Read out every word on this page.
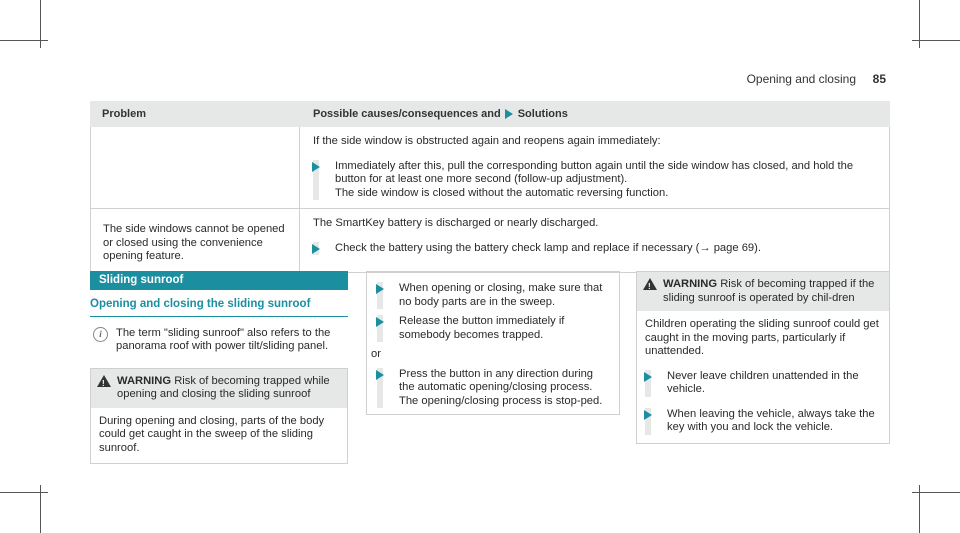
Opening and closing 85
Problem	Possible causes/consequences and Solutions
If the side window is obstructed again and reopens again immediately:
Immediately after this, pull the corresponding button again until the side window has closed, and hold the button for at least one more second (follow-up adjustment).
The side window is closed without the automatic reversing function.
The side windows cannot be opened or closed using the convenience opening feature.
The SmartKey battery is discharged or nearly discharged.
Check the battery using the battery check lamp and replace if necessary (→ page 69).
Sliding sunroof
Opening and closing the sliding sunroof
i	The term "sliding sunroof" also refers to the panorama roof with power tilt/sliding panel.
!
WARNING Risk of becoming trapped while opening and closing the sliding sunroof
During opening and closing, parts of the body could get caught in the sweep of the sliding sunroof.
When opening or closing, make sure that no body parts are in the sweep.
Release the button immediately if somebody becomes trapped.
or
Press the button in any direction during the automatic opening/closing process.
The opening/closing process is stop-ped.
!
WARNING Risk of becoming trapped if the sliding sunroof is operated by chil-dren
Children operating the sliding sunroof could get caught in the moving parts, particularly if unattended.
Never leave children unattended in the vehicle.
When leaving the vehicle, always take the key with you and lock the vehicle.
